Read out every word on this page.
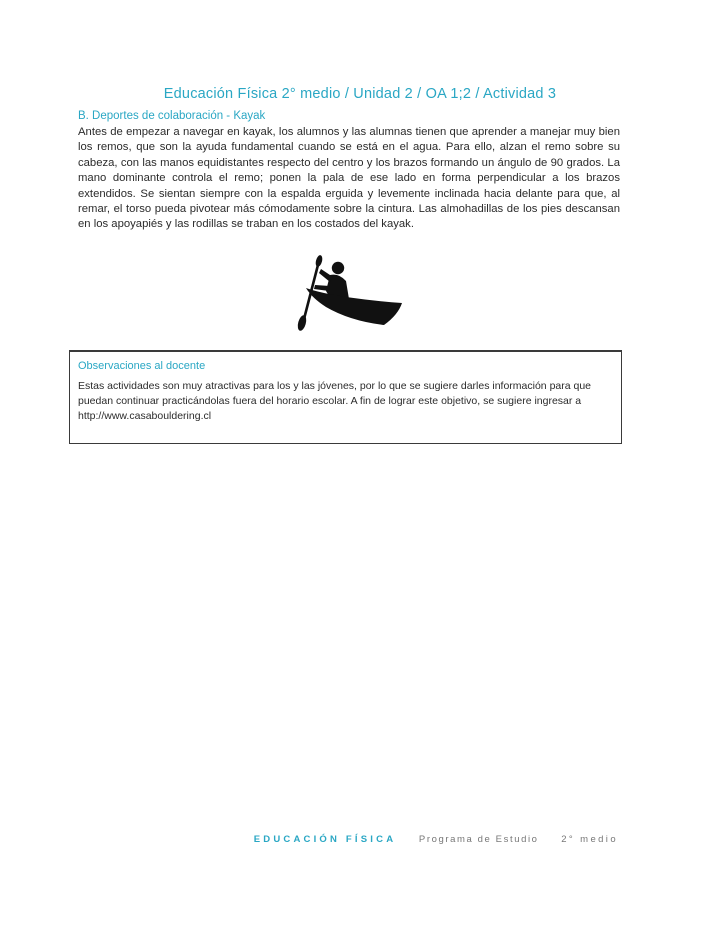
Educación Física 2° medio / Unidad 2 / OA 1;2 / Actividad 3
B. Deportes de colaboración - Kayak
Antes de empezar a navegar en kayak, los alumnos y las alumnas tienen que aprender a manejar muy bien los remos, que son la ayuda fundamental cuando se está en el agua. Para ello, alzan el remo sobre su cabeza, con las manos equidistantes respecto del centro y los brazos formando un ángulo de 90 grados. La mano dominante controla el remo; ponen la pala de ese lado en forma perpendicular a los brazos extendidos. Se sientan siempre con la espalda erguida y levemente inclinada hacia delante para que, al remar, el torso pueda pivotear más cómodamente sobre la cintura. Las almohadillas de los pies descansan en los apoyapiés y las rodillas se traban en los costados del kayak.
Observaciones al docente
Estas actividades son muy atractivas para los y las jóvenes, por lo que se sugiere darles información para que puedan continuar practicándolas fuera del horario escolar. A fin de lograr este objetivo, se sugiere ingresar a http://www.casabouldering.cl
EDUCACIÓN FÍSICA Programa de Estudio 2° medio
